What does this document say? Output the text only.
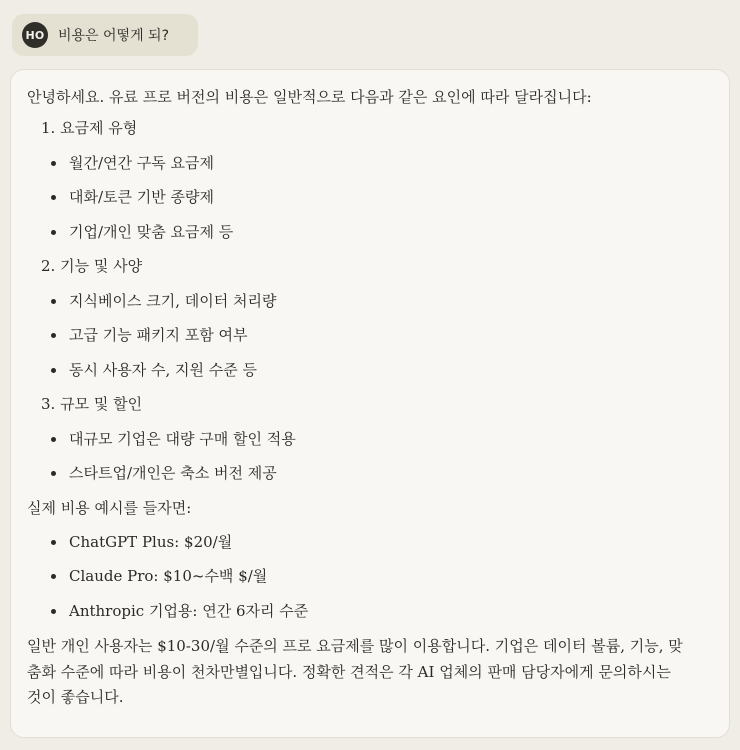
HO 비용은 어떻게 되?

안녕하세요. 유료 프로 버전의 비용은 일반적으로 다음과 같은 요인에 따라 달라집니다:

1. 요금제 유형
월간/연간 구독 요금제
대화/토큰 기반 종량제
기업/개인 맞춤 요금제 등
2. 기능 및 사양
지식베이스 크기, 데이터 처리량
고급 기능 패키지 포함 여부
동시 사용자 수, 지원 수준 등
3. 규모 및 할인
대규모 기업은 대량 구매 할인 적용
스타트업/개인은 축소 버전 제공

실제 비용 예시를 들자면:

ChatGPT Plus: $20/월
Claude Pro: $10~수백 $/월
Anthropic 기업용: 연간 6자리 수준

일반 개인 사용자는 $10-30/월 수준의 프로 요금제를 많이 이용합니다. 기업은 데이터 볼륨, 기능, 맞춤화 수준에 따라 비용이 천차만별입니다. 정확한 견적은 각 AI 업체의 판매 담당자에게 문의하시는 것이 좋습니다.
